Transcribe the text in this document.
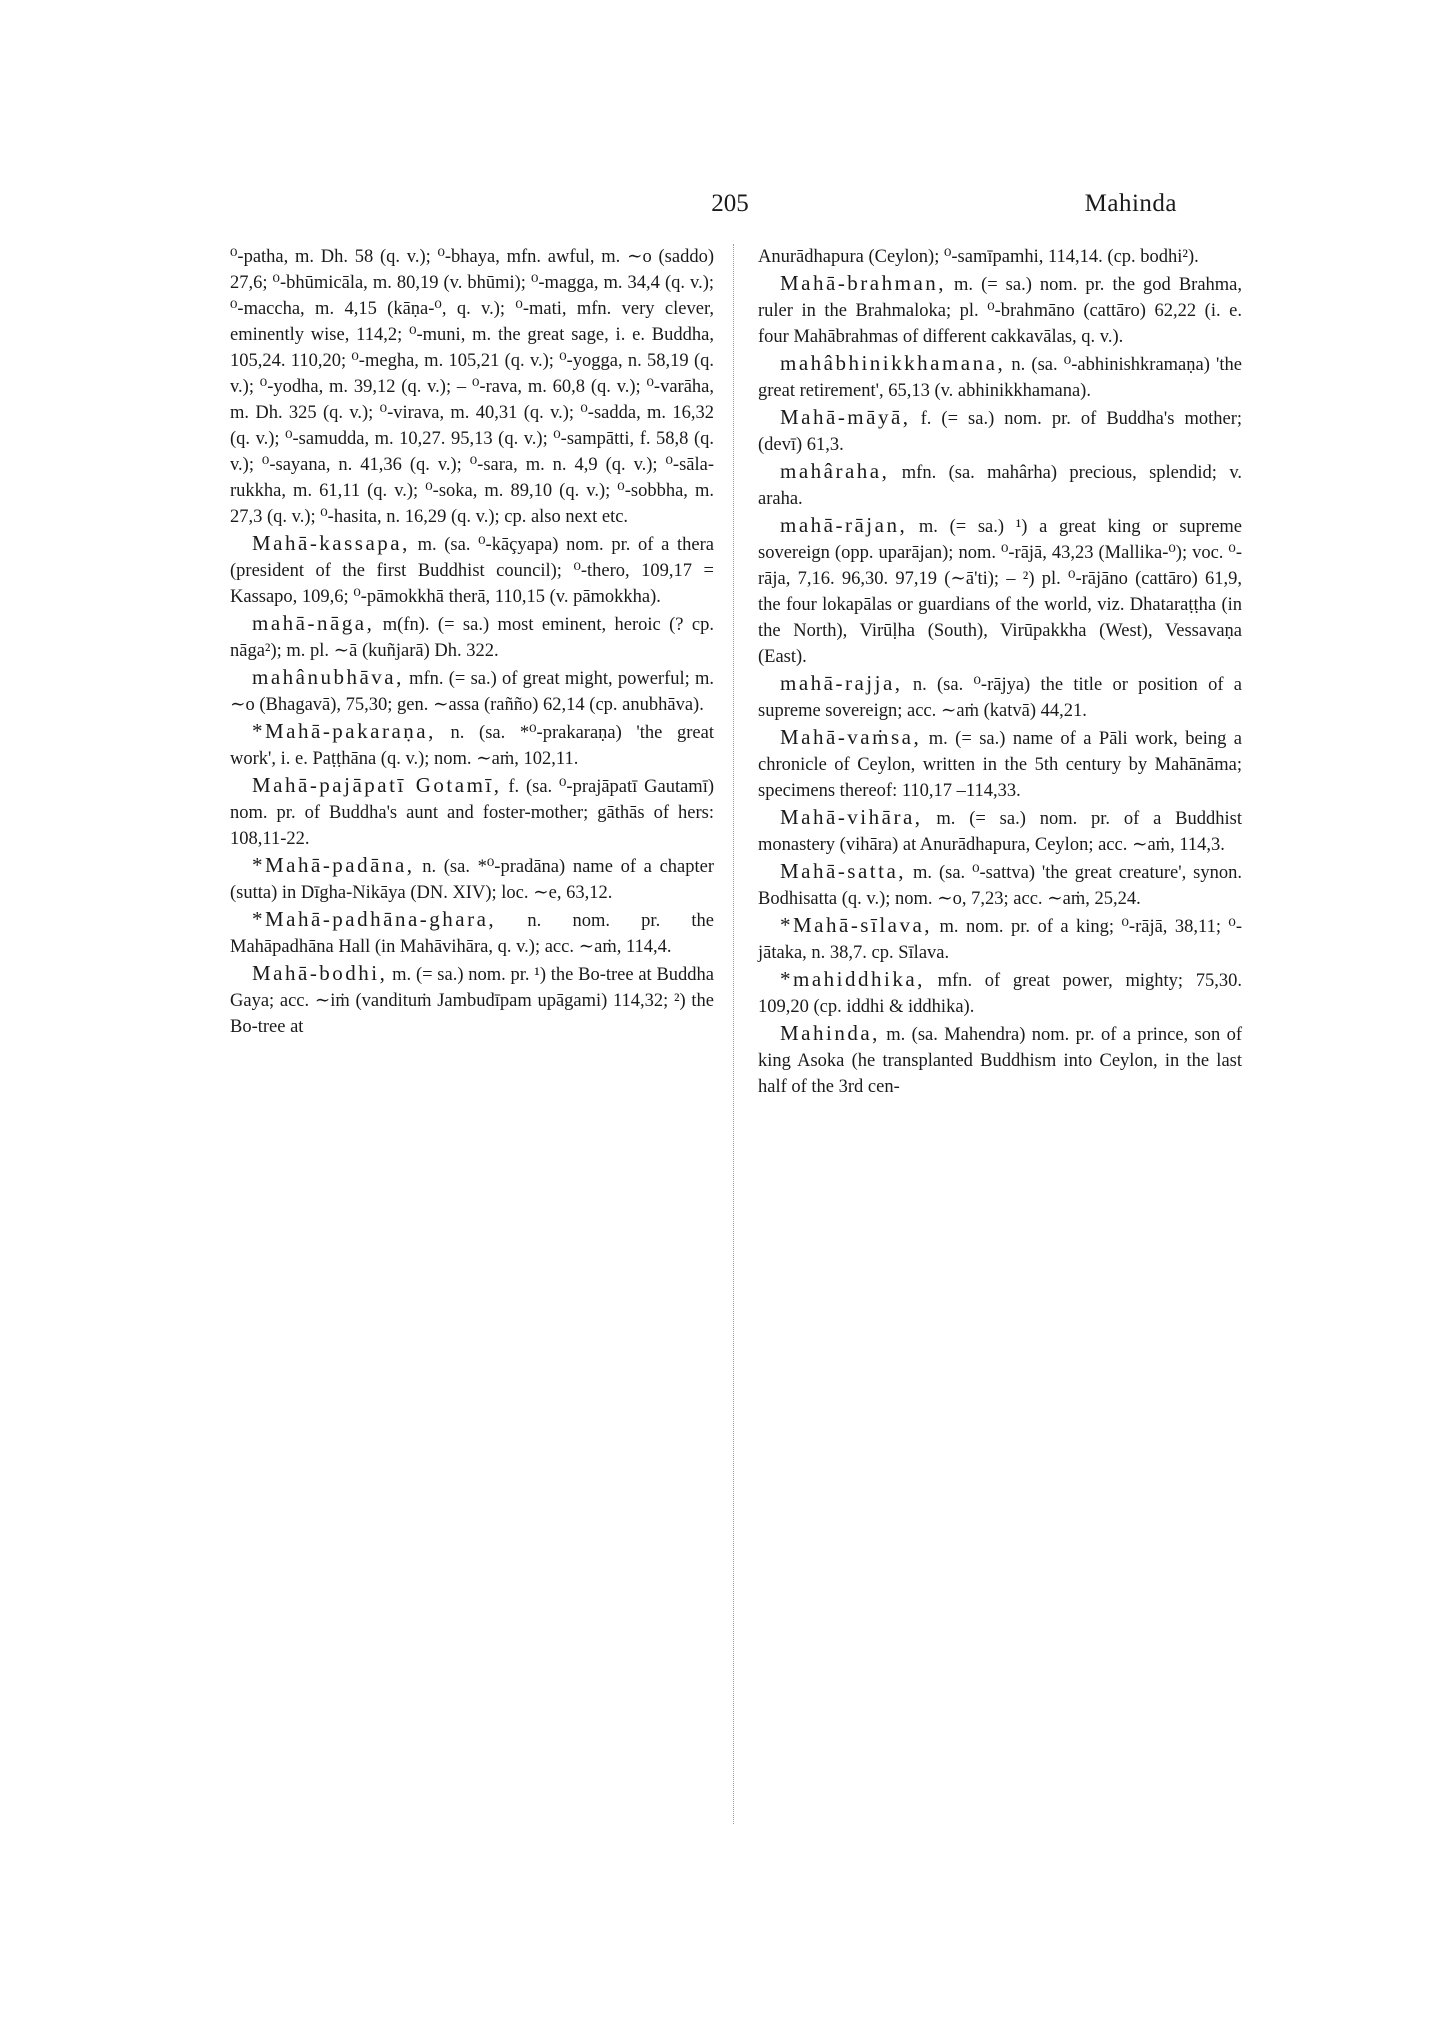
205	Mahinda

⁰-patha, m. Dh. 58 (q. v.); ⁰-bhaya, mfn. awful, m. ∼o (saddo) 27,6; ⁰-bhūmicāla, m. 80,19 (v. bhūmi); ⁰-magga, m. 34,4 (q. v.); ⁰-maccha, m. 4,15 (kāṇa-⁰, q. v.); ⁰-mati, mfn. very clever, eminently wise, 114,2; ⁰-muni, m. the great sage, i. e. Buddha, 105,24. 110,20; ⁰-megha, m. 105,21 (q. v.); ⁰-yogga, n. 58,19 (q. v.); ⁰-yodha, m. 39,12 (q. v.); – ⁰-rava, m. 60,8 (q. v.); ⁰-varāha, m. Dh. 325 (q. v.); ⁰-virava, m. 40,31 (q. v.); ⁰-sadda, m. 16,32 (q. v.); ⁰-samudda, m. 10,27. 95,13 (q. v.); ⁰-sampātti, f. 58,8 (q. v.); ⁰-sayana, n. 41,36 (q. v.); ⁰-sara, m. n. 4,9 (q. v.); ⁰-sāla-rukkha, m. 61,11 (q. v.); ⁰-soka, m. 89,10 (q. v.); ⁰-sobbha, m. 27,3 (q. v.); ⁰-hasita, n. 16,29 (q. v.); cp. also next etc.

Mahā-kassapa, m. (sa. ⁰-kāçyapa) nom. pr. of a thera (president of the first Buddhist council); ⁰-thero, 109,17 = Kassapo, 109,6; ⁰-pāmokkhā therā, 110,15 (v. pāmokkha).

mahā-nāga, m(fn). (= sa.) most eminent, heroic (? cp. nāga²); m. pl. ∼ā (kuñjarā) Dh. 322.

mahânubhāva, mfn. (= sa.) of great might, powerful; m. ∼o (Bhagavā), 75,30; gen. ∼assa (rañño) 62,14 (cp. anubhāva).

*Mahā-pakaraṇa, n. (sa. *⁰-prakaraṇa) 'the great work', i. e. Paṭṭhāna (q. v.); nom. ∼aṁ, 102,11.

Mahā-pajāpatī Gotamī, f. (sa. ⁰-prajāpatī Gautamī) nom. pr. of Buddha's aunt and foster-mother; gāthās of hers: 108,11-22.

*Mahā-padāna, n. (sa. *⁰-pradāna) name of a chapter (sutta) in Dīgha-Nikāya (DN. XIV); loc. ∼e, 63,12.

*Mahā-padhāna-ghara, n. nom. pr. the Mahāpadhāna Hall (in Mahāvihāra, q. v.); acc. ∼aṁ, 114,4.

Mahā-bodhi, m. (= sa.) nom. pr. ¹) the Bo-tree at Buddha Gaya; acc. ∼iṁ (vandituṁ Jambudīpam upāgami) 114,32; ²) the Bo-tree at

Anurādhapura (Ceylon); ⁰-samīpamhi, 114,14. (cp. bodhi²).

Mahā-brahman, m. (= sa.) nom. pr. the god Brahma, ruler in the Brahmaloka; pl. ⁰-brahmāno (cattāro) 62,22 (i. e. four Mahābrahmas of different cakkavālas, q. v.).

mahâbhinikkhamana, n. (sa. ⁰-abhinishkramaṇa) 'the great retirement', 65,13 (v. abhinikkhamana).

Mahā-māyā, f. (= sa.) nom. pr. of Buddha's mother; (devī) 61,3.

mahâraha, mfn. (sa. mahârha) precious, splendid; v. araha.

mahā-rājan, m. (= sa.) ¹) a great king or supreme sovereign (opp. uparājan); nom. ⁰-rājā, 43,23 (Mallika-⁰); voc. ⁰-rāja, 7,16. 96,30. 97,19 (∼ā'ti); – ²) pl. ⁰-rājāno (cattāro) 61,9, the four lokapālas or guardians of the world, viz. Dhataraṭṭha (in the North), Virūḷha (South), Virūpakkha (West), Vessavaṇa (East).

mahā-rajja, n. (sa. ⁰-rājya) the title or position of a supreme sovereign; acc. ∼aṁ (katvā) 44,21.

Mahā-vaṁsa, m. (= sa.) name of a Pāli work, being a chronicle of Ceylon, written in the 5th century by Mahānāma; specimens thereof: 110,17 –114,33.

Mahā-vihāra, m. (= sa.) nom. pr. of a Buddhist monastery (vihāra) at Anurādhapura, Ceylon; acc. ∼aṁ, 114,3.

Mahā-satta, m. (sa. ⁰-sattva) 'the great creature', synon. Bodhisatta (q. v.); nom. ∼o, 7,23; acc. ∼aṁ, 25,24.

*Mahā-sīlava, m. nom. pr. of a king; ⁰-rājā, 38,11; ⁰-jātaka, n. 38,7. cp. Sīlava.

*mahiddhika, mfn. of great power, mighty; 75,30. 109,20 (cp. iddhi & iddhika).

Mahinda, m. (sa. Mahendra) nom. pr. of a prince, son of king Asoka (he transplanted Buddhism into Ceylon, in the last half of the 3rd cen-
